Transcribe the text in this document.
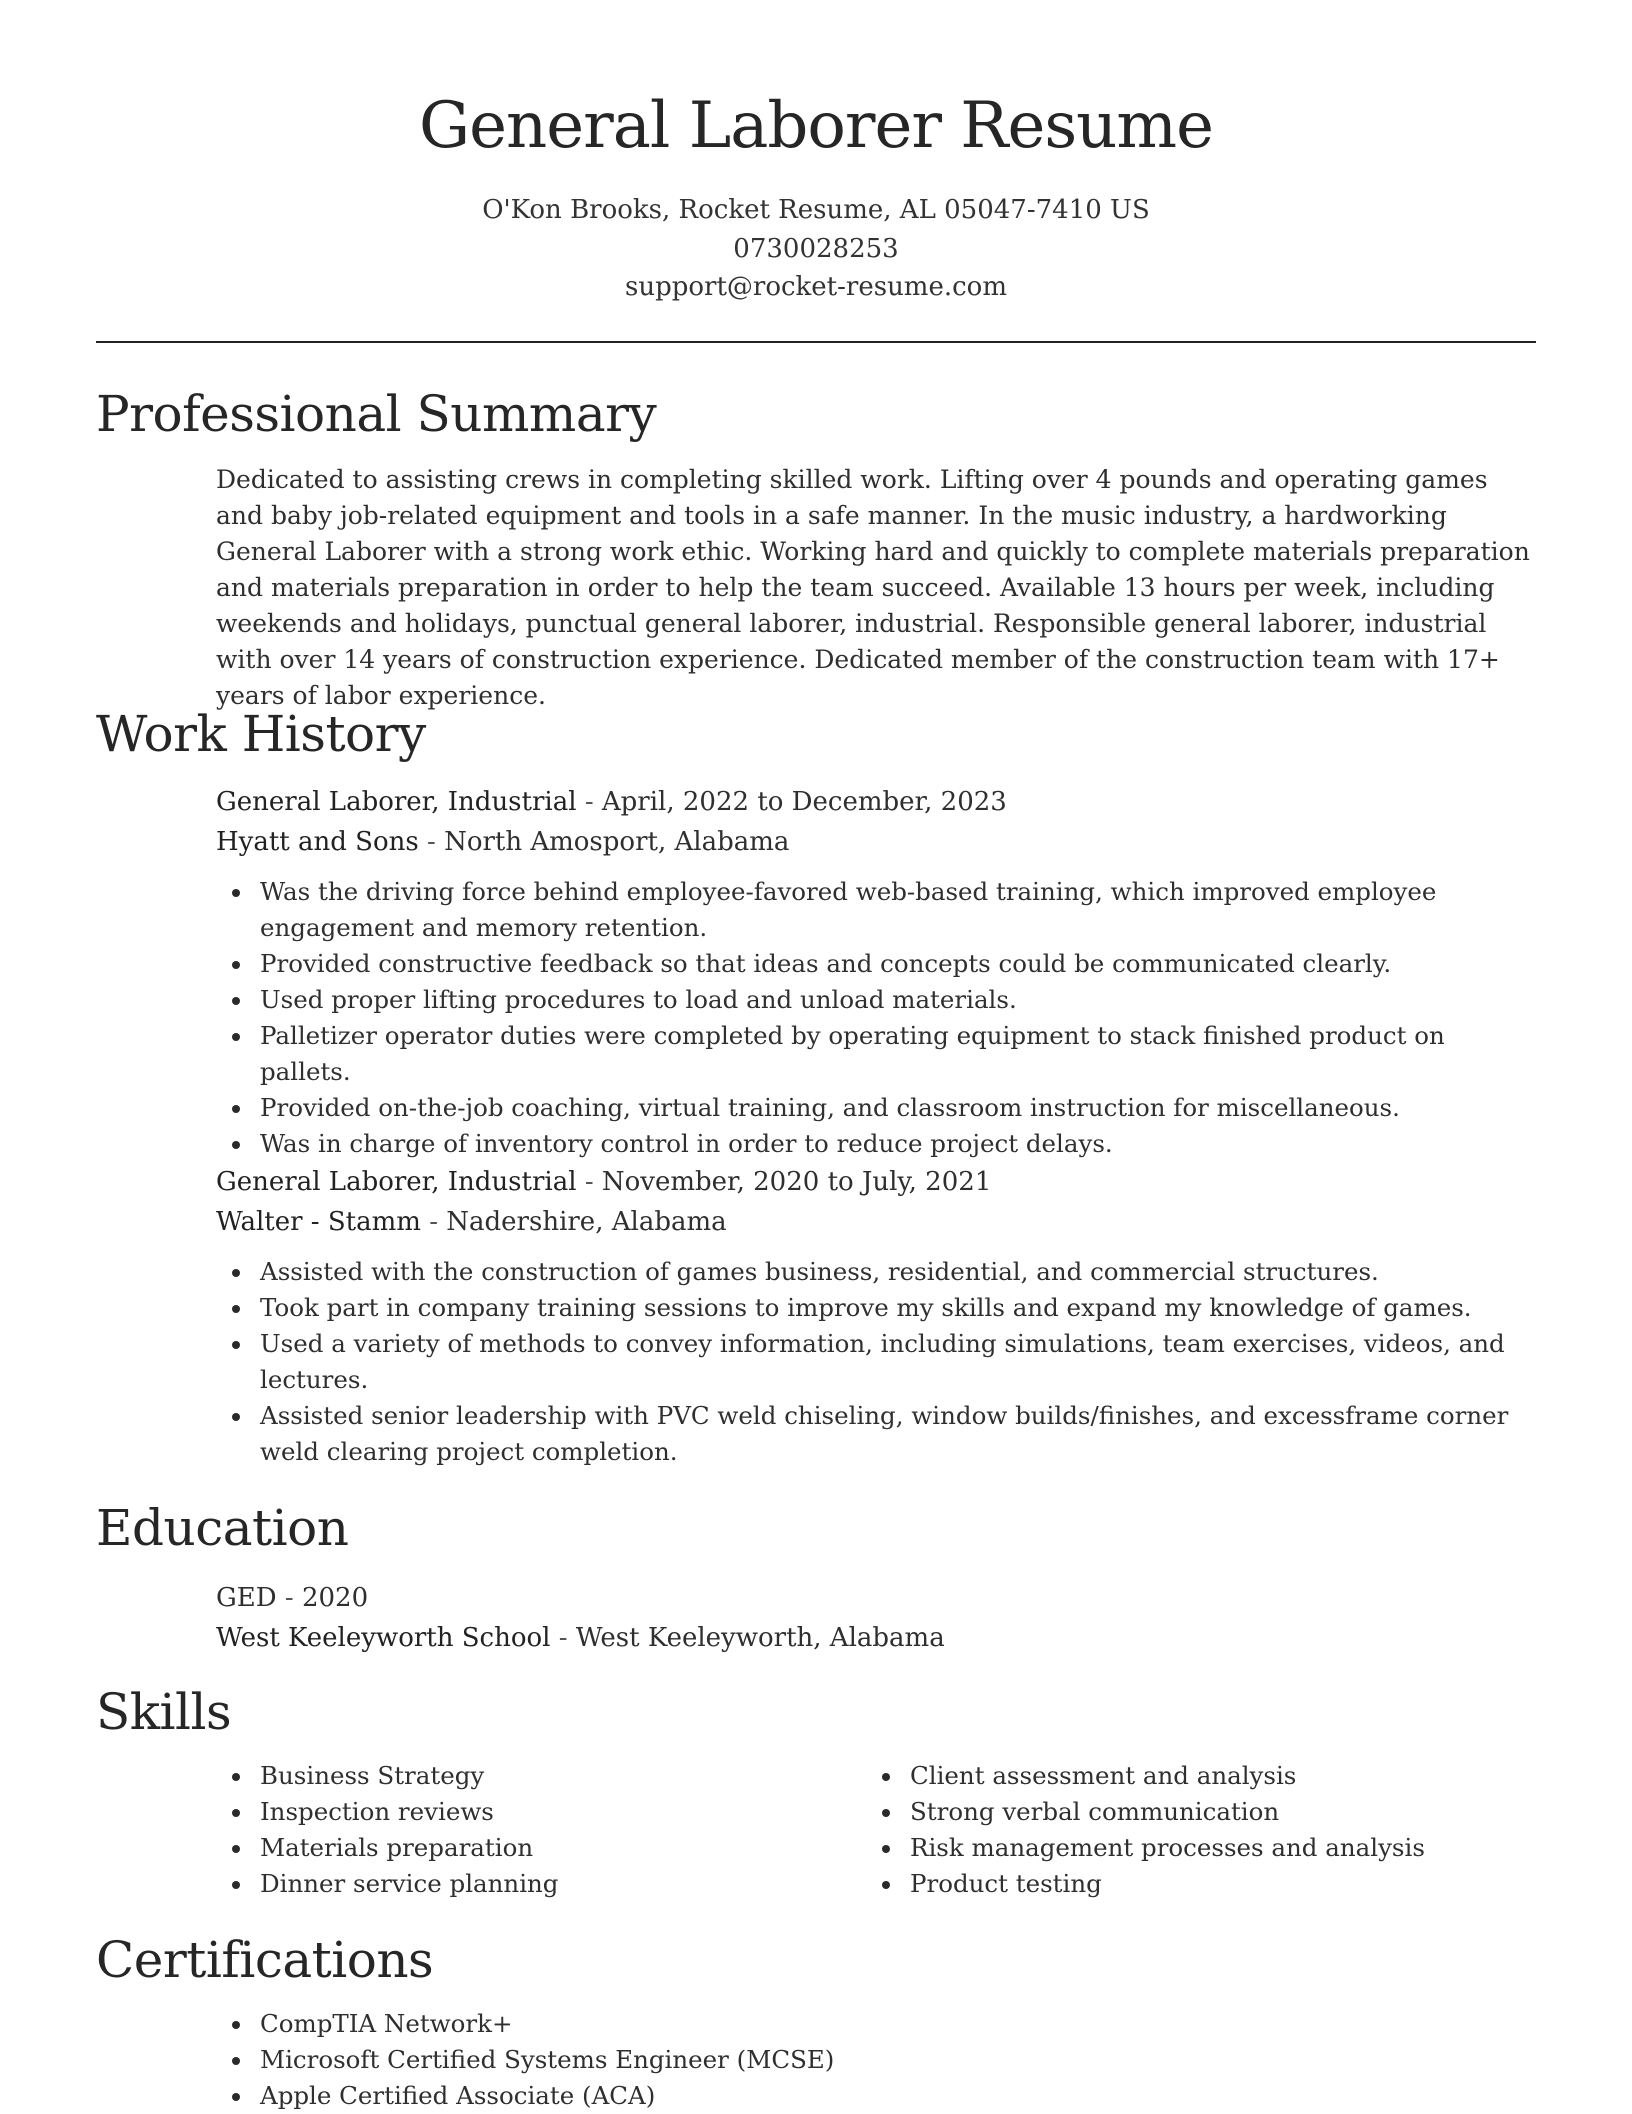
General Laborer Resume
O'Kon Brooks, Rocket Resume, AL 05047-7410 US
0730028253
support@rocket-resume.com
Professional Summary
Dedicated to assisting crews in completing skilled work. Lifting over 4 pounds and operating games and baby job-related equipment and tools in a safe manner. In the music industry, a hardworking General Laborer with a strong work ethic. Working hard and quickly to complete materials preparation and materials preparation in order to help the team succeed. Available 13 hours per week, including weekends and holidays, punctual general laborer, industrial. Responsible general laborer, industrial with over 14 years of construction experience. Dedicated member of the construction team with 17+ years of labor experience.
Work History
General Laborer, Industrial - April, 2022 to December, 2023
Hyatt and Sons - North Amosport, Alabama
Was the driving force behind employee-favored web-based training, which improved employee engagement and memory retention.
Provided constructive feedback so that ideas and concepts could be communicated clearly.
Used proper lifting procedures to load and unload materials.
Palletizer operator duties were completed by operating equipment to stack finished product on pallets.
Provided on-the-job coaching, virtual training, and classroom instruction for miscellaneous.
Was in charge of inventory control in order to reduce project delays.
General Laborer, Industrial - November, 2020 to July, 2021
Walter - Stamm - Nadershire, Alabama
Assisted with the construction of games business, residential, and commercial structures.
Took part in company training sessions to improve my skills and expand my knowledge of games.
Used a variety of methods to convey information, including simulations, team exercises, videos, and lectures.
Assisted senior leadership with PVC weld chiseling, window builds/finishes, and excessframe corner weld clearing project completion.
Education
GED - 2020
West Keeleyworth School - West Keeleyworth, Alabama
Skills
Business Strategy
Inspection reviews
Materials preparation
Dinner service planning
Client assessment and analysis
Strong verbal communication
Risk management processes and analysis
Product testing
Certifications
CompTIA Network+
Microsoft Certified Systems Engineer (MCSE)
Apple Certified Associate (ACA)
